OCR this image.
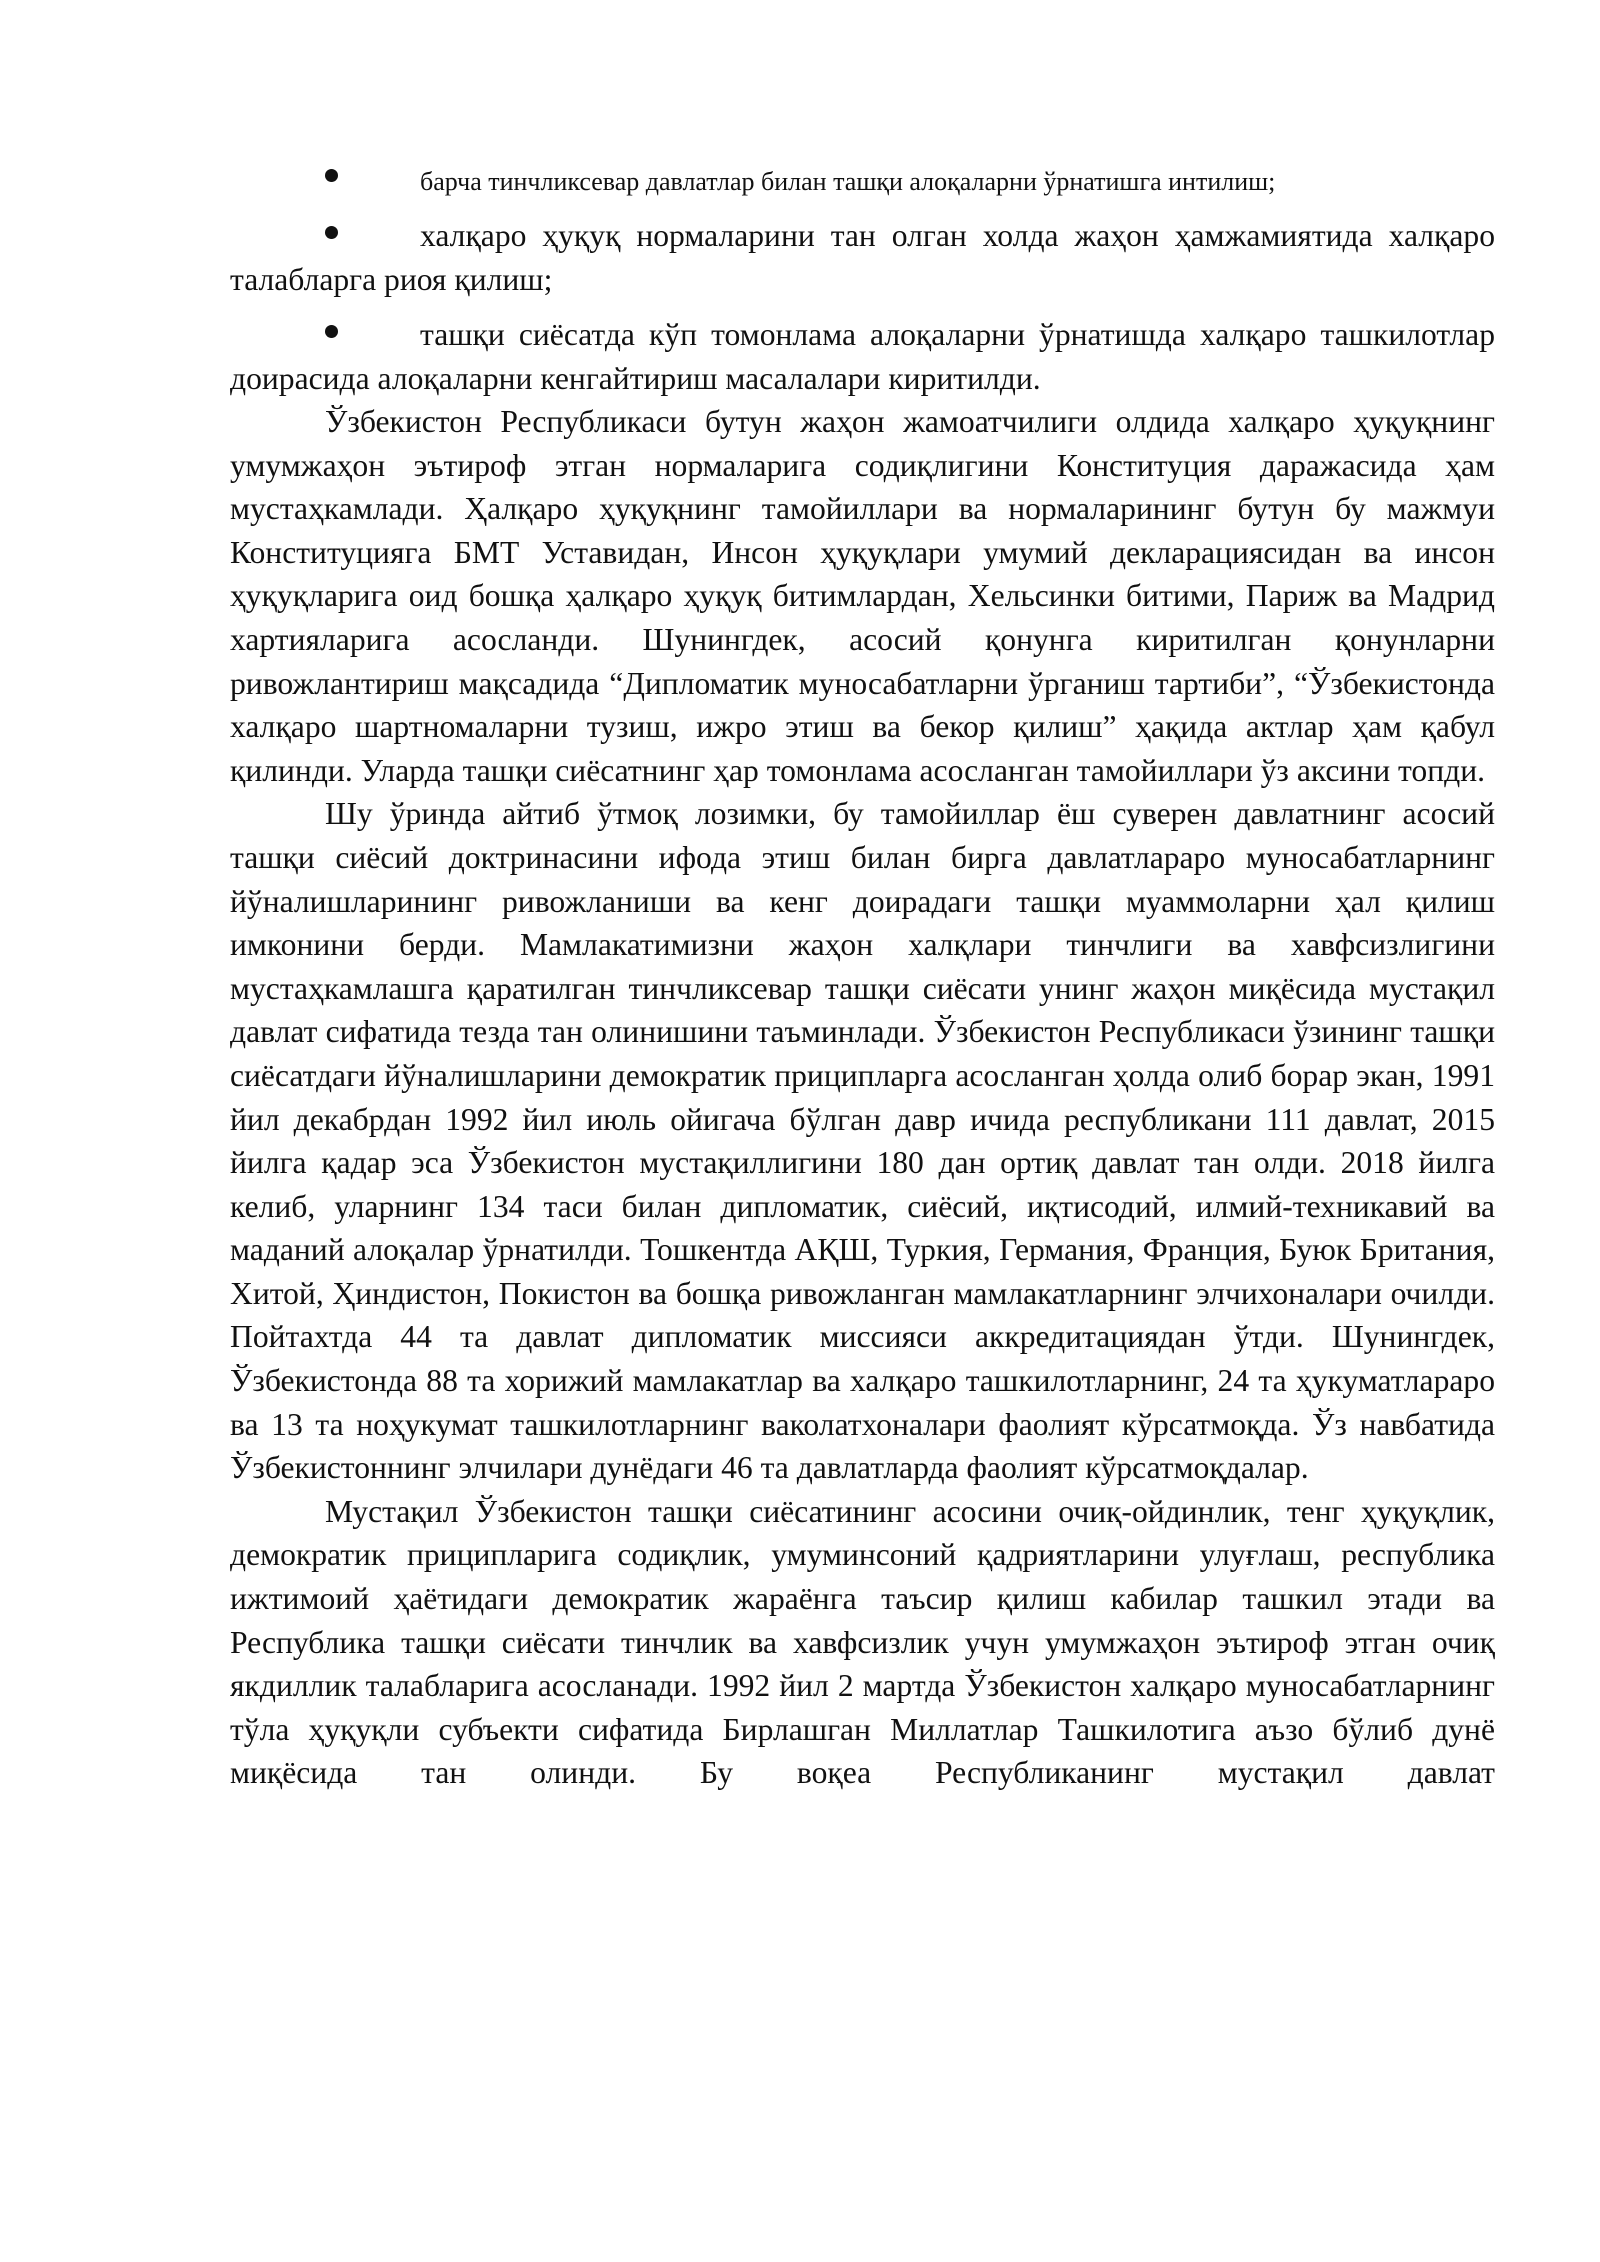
барча тинчликсевар давлатлар билан ташқи алоқаларни ўрнатишга интилиш;

халқаро ҳуқуқ нормаларини тан олган холда жаҳон ҳамжамиятида халқаро талабларга риоя қилиш;

ташқи сиёсатда кўп томонлама алоқаларни ўрнатишда халқаро ташкилотлар доирасида алоқаларни кенгайтириш масалалари киритилди.

Ўзбекистон Республикаси бутун жаҳон жамоатчилиги олдида халқаро ҳуқуқнинг умумжаҳон эътироф этган нормаларига содиқлигини Конституция даражасида ҳам мустаҳкамлади. Ҳалқаро ҳуқуқнинг тамойиллари ва нормаларининг бутун бу мажмуи Конституцияга БМТ Уставидан, Инсон ҳуқуқлари умумий декларациясидан ва инсон ҳуқуқларига оид бошқа ҳалқаро ҳуқуқ битимлардан, Хельсинки битими, Париж ва Мадрид хартияларига асосланди. Шунингдек, асосий қонунга киритилган қонунларни ривожлантириш мақсадида “Дипломатик муносабатларни ўрганиш тартиби”, “Ўзбекистонда халқаро шартномаларни тузиш, ижро этиш ва бекор қилиш” ҳақида актлар ҳам қабул қилинди. Уларда ташқи сиёсатнинг ҳар томонлама асосланган тамойиллари ўз аксини топди.

Шу ўринда айтиб ўтмоқ лозимки, бу тамойиллар ёш суверен давлатнинг асосий ташқи сиёсий доктринасини ифода этиш билан бирга давлатлараро муносабатларнинг йўналишларининг ривожланиши ва кенг доирадаги ташқи муаммоларни ҳал қилиш имконини берди. Мамлакатимизни жаҳон халқлари тинчлиги ва хавфсизлигини мустаҳкамлашга қаратилган тинчликсевар ташқи сиёсати унинг жаҳон миқёсида мустақил давлат сифатида тезда тан олинишини таъминлади. Ўзбекистон Республикаси ўзининг ташқи сиёсатдаги йўналишларини демократик приципларга асосланган ҳолда олиб борар экан, 1991 йил декабрдан 1992 йил июль ойигача бўлган давр ичида республикани 111 давлат, 2015 йилга қадар эса Ўзбекистон мустақиллигини 180 дан ортиқ давлат тан олди. 2018 йилга келиб, уларнинг 134 таси билан дипломатик, сиёсий, иқтисодий, илмий-техникавий ва маданий алоқалар ўрнатилди. Тошкентда АҚШ, Туркия, Германия, Франция, Буюк Британия, Хитой, Ҳиндистон, Покистон ва бошқа ривожланган мамлакатларнинг элчихоналари очилди. Пойтахтда 44 та давлат дипломатик миссияси аккредитациядан ўтди. Шунингдек, Ўзбекистонда 88 та хорижий мамлакатлар ва халқаро ташкилотларнинг, 24 та ҳукуматлараро ва 13 та ноҳукумат ташкилотларнинг ваколатхоналари фаолият кўрсатмоқда. Ўз навбатида Ўзбекистоннинг элчилари дунёдаги 46 та давлатларда фаолият кўрсатмоқдалар.

Мустақил Ўзбекистон ташқи сиёсатининг асосини очиқ-ойдинлик, тенг ҳуқуқлик, демократик приципларига содиқлик, умуминсоний қадриятларини улуғлаш, республика ижтимоий ҳаётидаги демократик жараёнга таъсир қилиш кабилар ташкил этади ва Республика ташқи сиёсати тинчлик ва хавфсизлик учун умумжаҳон эътироф этган очиқ якдиллик талабларига асосланади. 1992 йил 2 мартда Ўзбекистон халқаро муносабатларнинг тўла ҳуқуқли субъекти сифатида Бирлашган Миллатлар Ташкилотига аъзо бўлиб дунё миқёсида тан олинди. Бу воқеа Республиканинг мустақил давлат
